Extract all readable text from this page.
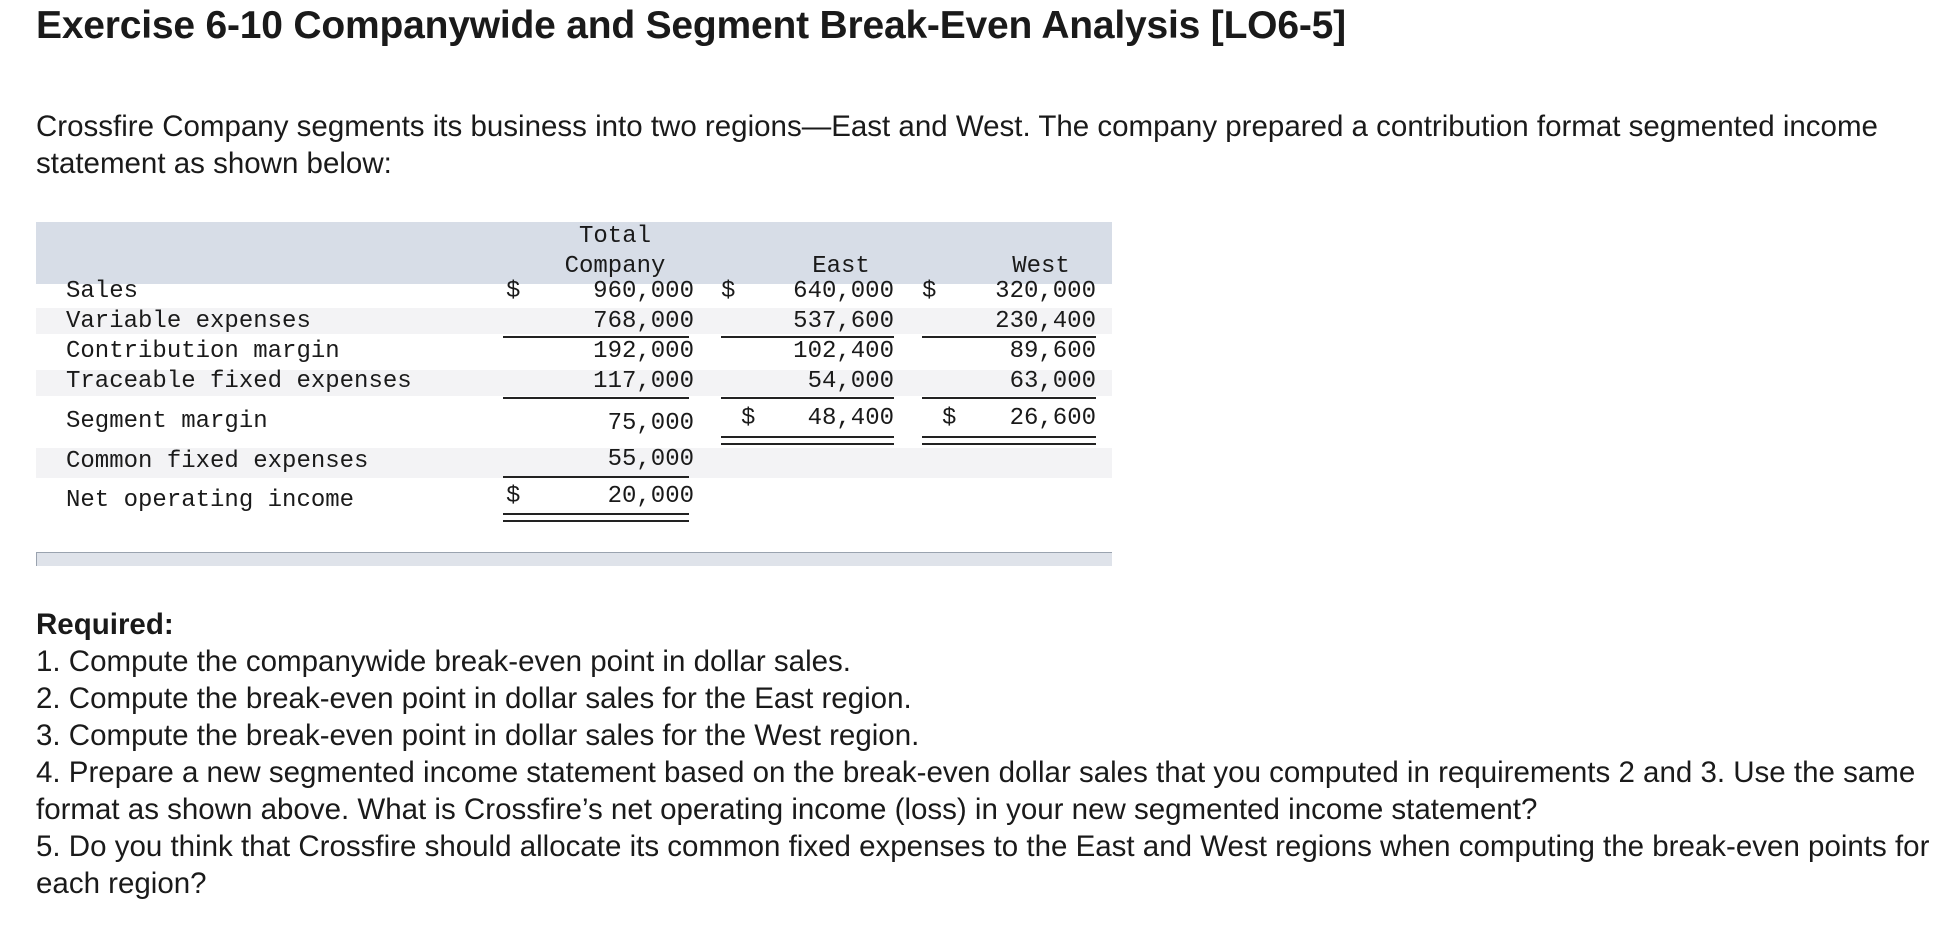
Exercise 6-10 Companywide and Segment Break-Even Analysis [LO6-5]
Crossfire Company segments its business into two regions—East and West. The company prepared a contribution format segmented income statement as shown below:
Total
Company	East	West
Sales	$	960,000 $	640,000 $	320,000
Variable expenses	768,000	537,600	230,400
Contribution margin	192,000	102,400	89,600
Traceable fixed expenses	117,000	54,000	63,000
Segment margin	75,000 $	48,400 $	26,600
Common fixed expenses	55,000
Net operating income	$	20,000
Required:
1. Compute the companywide break-even point in dollar sales.
2. Compute the break-even point in dollar sales for the East region.
3. Compute the break-even point in dollar sales for the West region.
4. Prepare a new segmented income statement based on the break-even dollar sales that you computed in requirements 2 and 3. Use the same format as shown above. What is Crossfire’s net operating income (loss) in your new segmented income statement?
5. Do you think that Crossfire should allocate its common fixed expenses to the East and West regions when computing the break-even points for each region?
